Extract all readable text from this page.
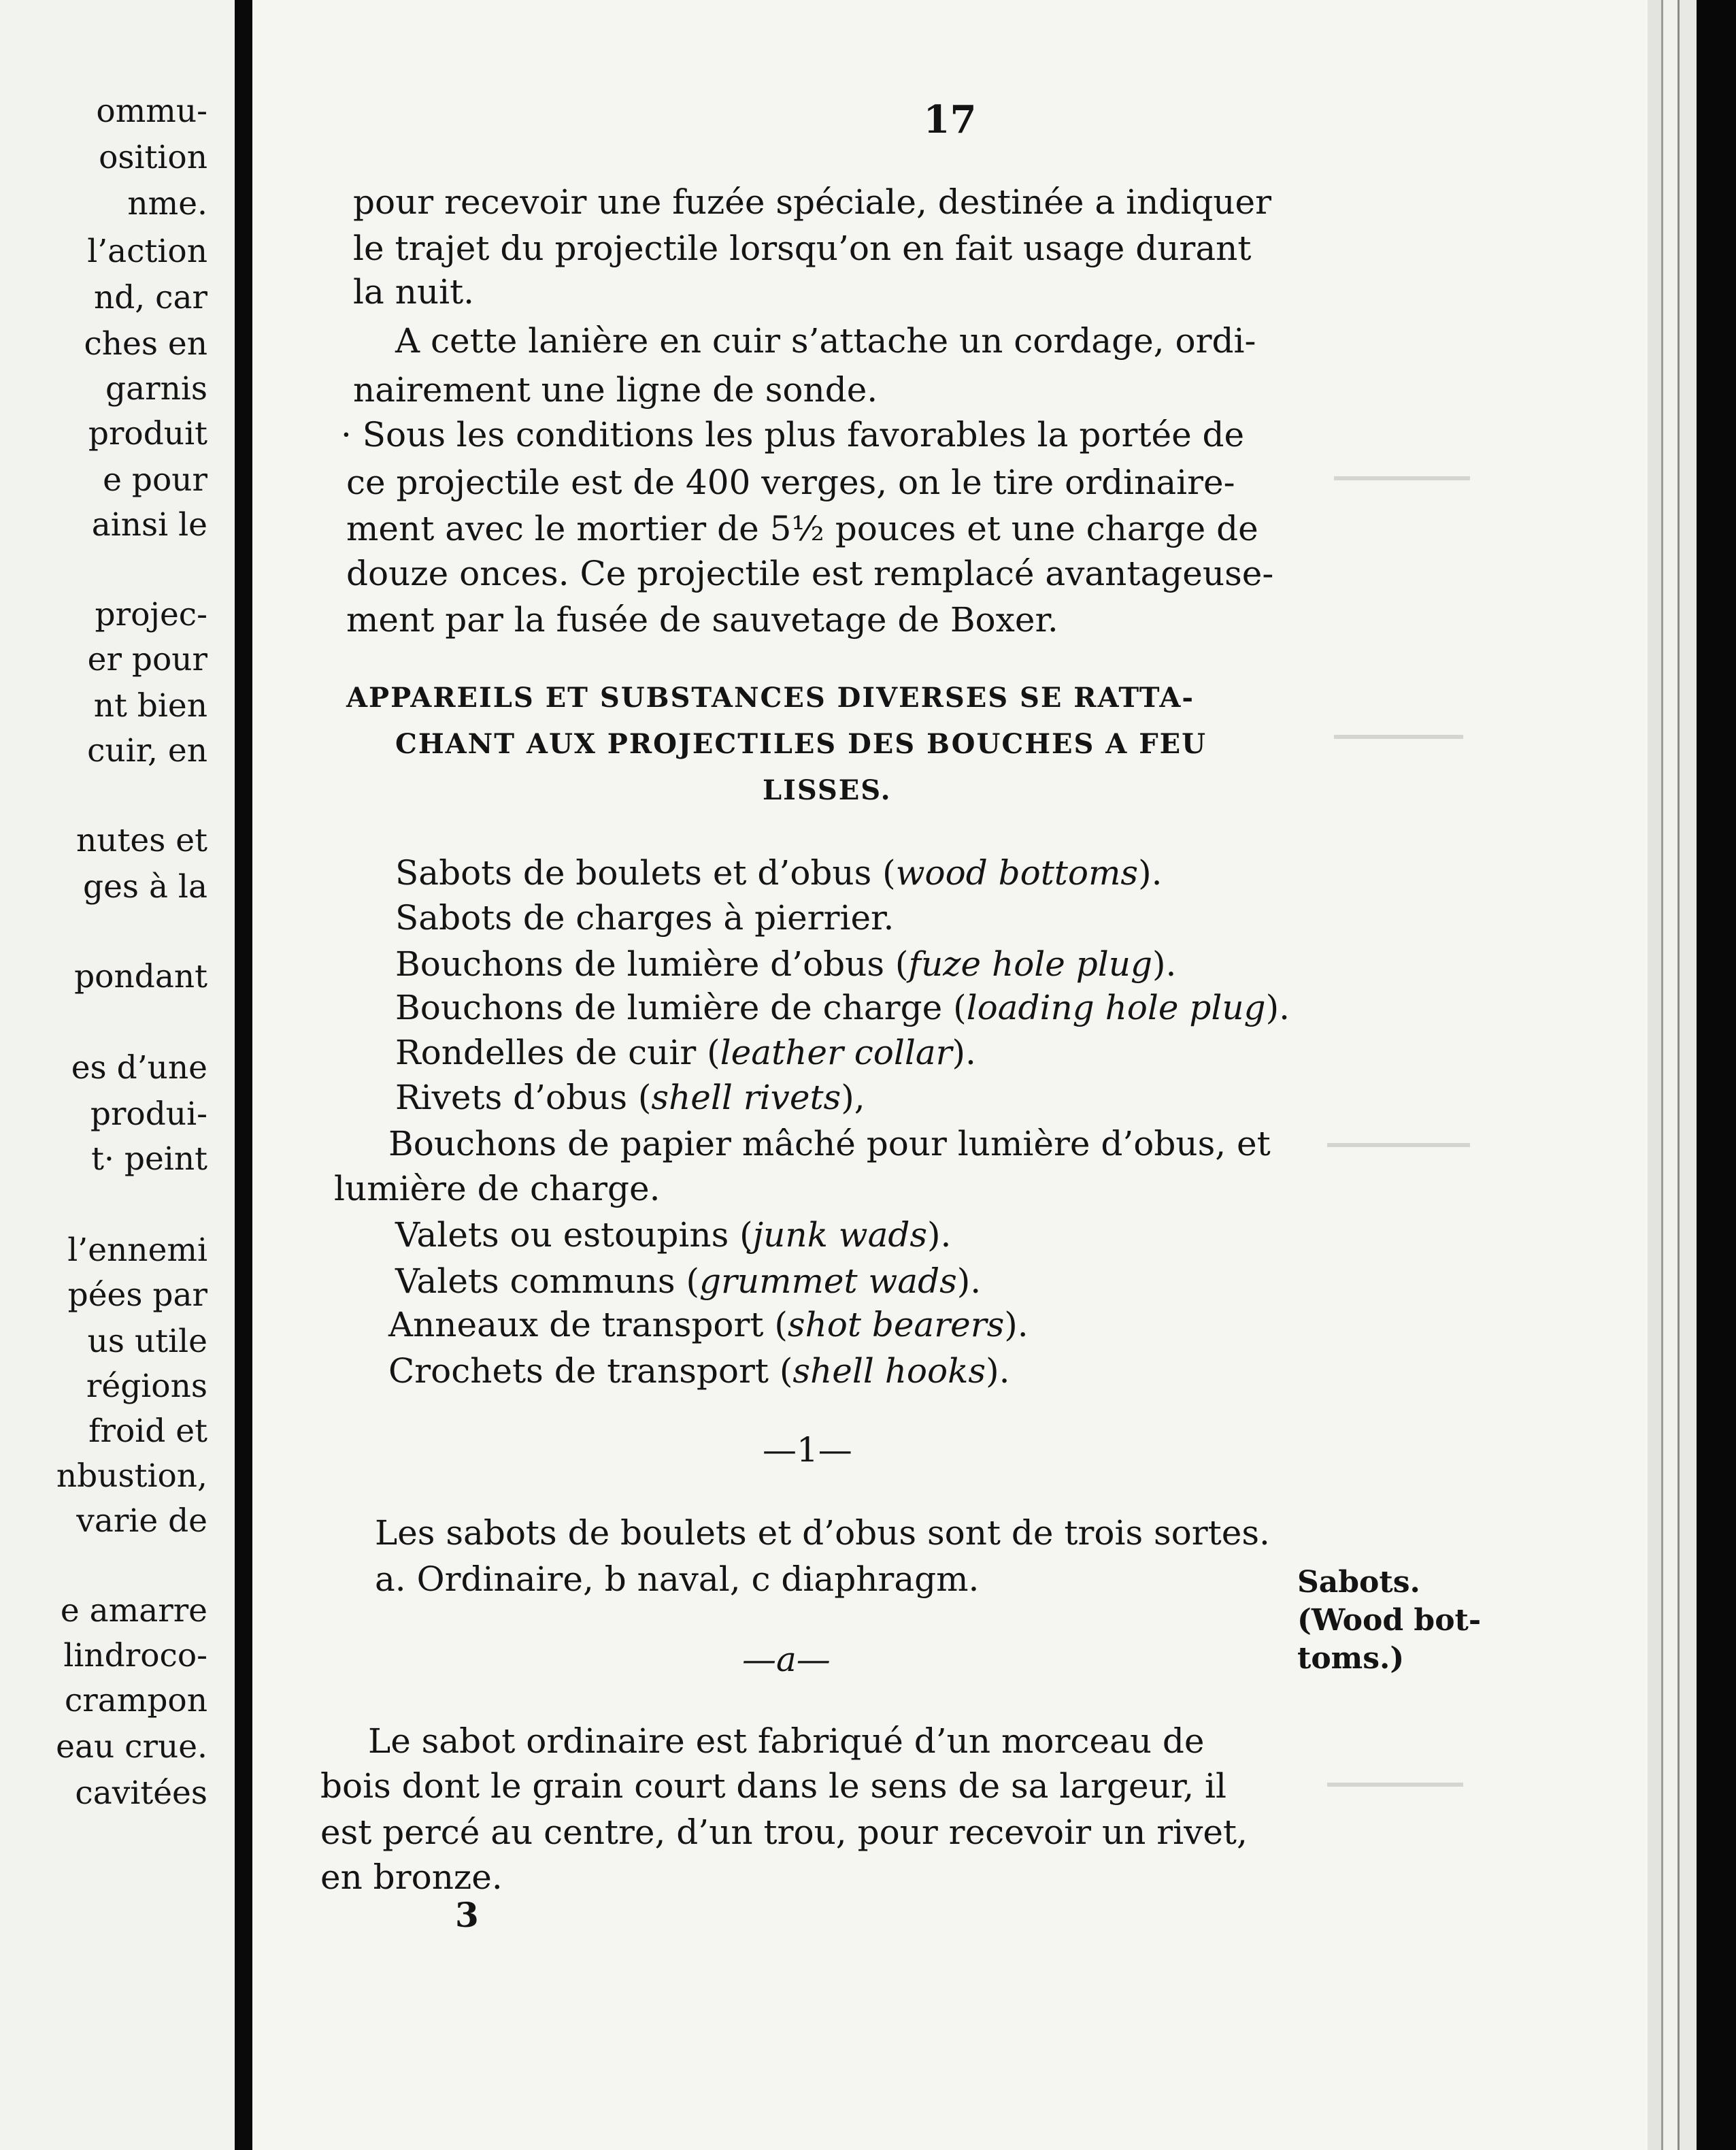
ommu-
osition
nme.
l’action
nd, car
ches en
garnis
produit
e pour
ainsi le
projec-
er pour
nt bien
cuir, en
nutes et
ges à la
pondant
es d’une
produi-
t· peint
l’ennemi
pées par
us utile
régions
froid et
nbustion,
varie de
e amarre
lindroco-
crampon
eau crue.
cavitées
17
pour recevoir une fuzée spéciale, destinée a indiquer
le trajet du projectile lorsqu’on en fait usage durant
la nuit.
A cette lanière en cuir s’attache un cordage, ordi-
nairement une ligne de sonde.
· Sous les conditions les plus favorables la portée de
ce projectile est de 400 verges, on le tire ordinaire-
ment avec le mortier de 5½ pouces et une charge de
douze onces. Ce projectile est remplacé avantageuse-
ment par la fusée de sauvetage de Boxer.
APPAREILS ET SUBSTANCES DIVERSES SE RATTA-
CHANT AUX PROJECTILES DES BOUCHES A FEU
LISSES.
Sabots de boulets et d’obus (wood bottoms).
Sabots de charges à pierrier.
Bouchons de lumière d’obus (fuze hole plug).
Bouchons de lumière de charge (loading hole plug).
Rondelles de cuir (leather collar).
Rivets d’obus (shell rivets),
Bouchons de papier mâché pour lumière d’obus, et
lumière de charge.
Valets ou estoupins (junk wads).
Valets communs (grummet wads).
Anneaux de transport (shot bearers).
Crochets de transport (shell hooks).
—1—
Les sabots de boulets et d’obus sont de trois sortes.
a. Ordinaire, b naval, c diaphragm.
—a—
Le sabot ordinaire est fabriqué d’un morceau de
bois dont le grain court dans le sens de sa largeur, il
est percé au centre, d’un trou, pour recevoir un rivet,
en bronze.
3
Sabots.
(Wood bot-
toms.)
